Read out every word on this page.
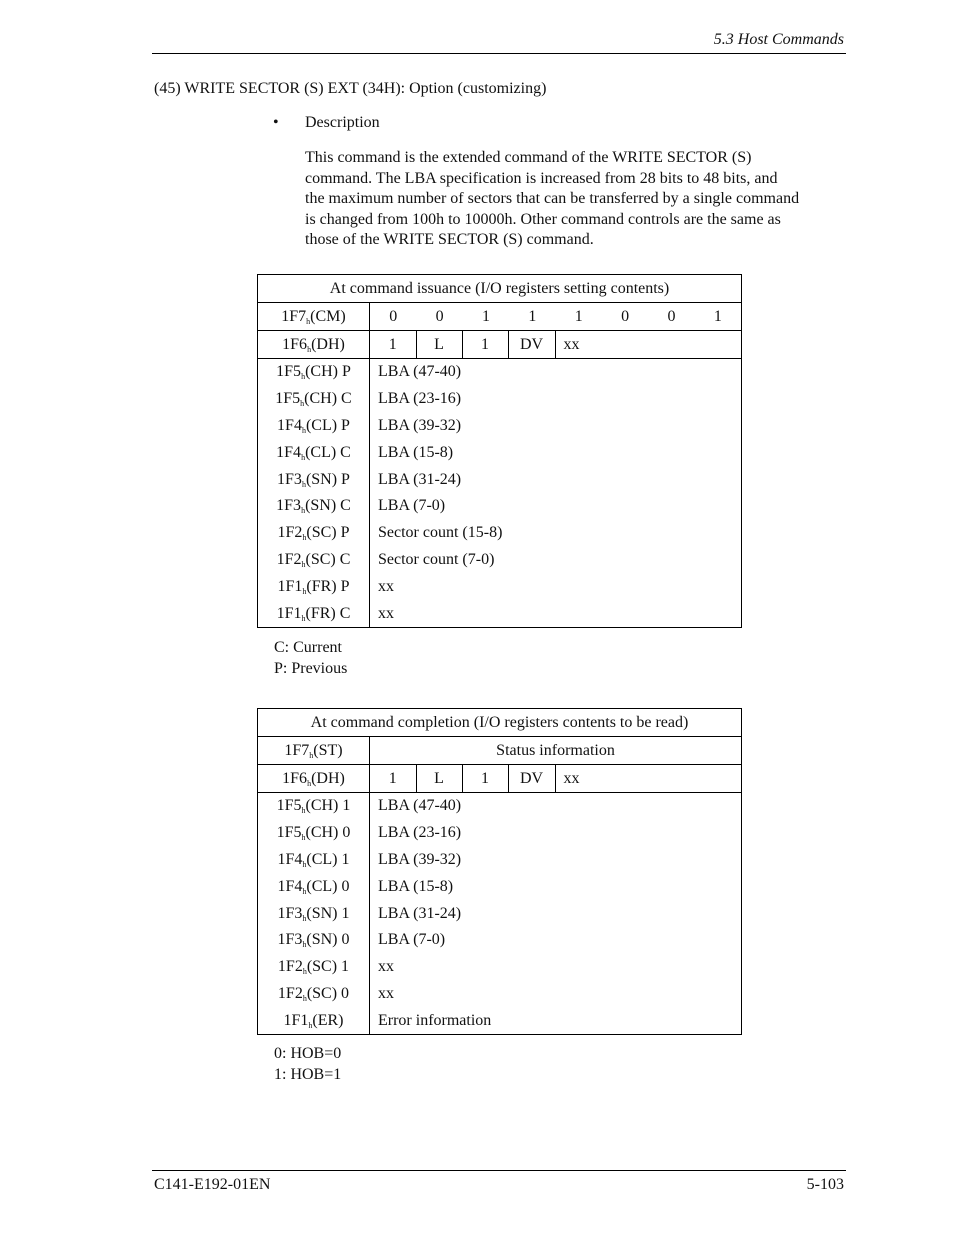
5.3 Host Commands
(45) WRITE SECTOR (S) EXT (34H): Option (customizing)
• Description
This command is the extended command of the WRITE SECTOR (S)
command. The LBA specification is increased from 28 bits to 48 bits, and
the maximum number of sectors that can be transferred by a single command
is changed from 100h to 10000h. Other command controls are the same as
those of the WRITE SECTOR (S) command.
At command issuance (I/O registers setting contents)
$1F7_h(CM)$		0	0	1	1	1	0	0	1

$1F6_h(DH)$		1	L	1	DV	xx

$1F5_h(CH)$ P	LBA (47-40)
$1F5_h(CH)$ C	LBA (23-16)
$1F4_h(CL)$ P	LBA (39-32)
$1F4_h(CL)$ C	LBA (15-8)
$1F3_h(SN)$ P	LBA (31-24)
$1F3_h(SN)$ C	LBA (7-0)
$1F2_h(SC)$ P	Sector count (15-8)
$1F2_h(SC)$ C	Sector count (7-0)
$1F1_h(FR)$ P	xx
$1F1_h(FR)$ C	xx
C: Current
P: Previous
At command completion (I/O registers contents to be read)
$1F7_h(ST)$	Status information
$1F6_h(DH)$		1	L	1	DV	xx

$1F5_h(CH)$ 1	LBA (47-40)
$1F5_h(CH)$ 0	LBA (23-16)
$1F4_h(CL)$ 1	LBA (39-32)
$1F4_h(CL)$ 0	LBA (15-8)
$1F3_h(SN)$ 1	LBA (31-24)
$1F3_h(SN)$ 0	LBA (7-0)
$1F2_h(SC)$ 1	xx
$1F2_h(SC)$ 0	xx
$1F1_h(ER)$	Error information
0: HOB=0
1: HOB=1
C141-E192-01EN	5-103
